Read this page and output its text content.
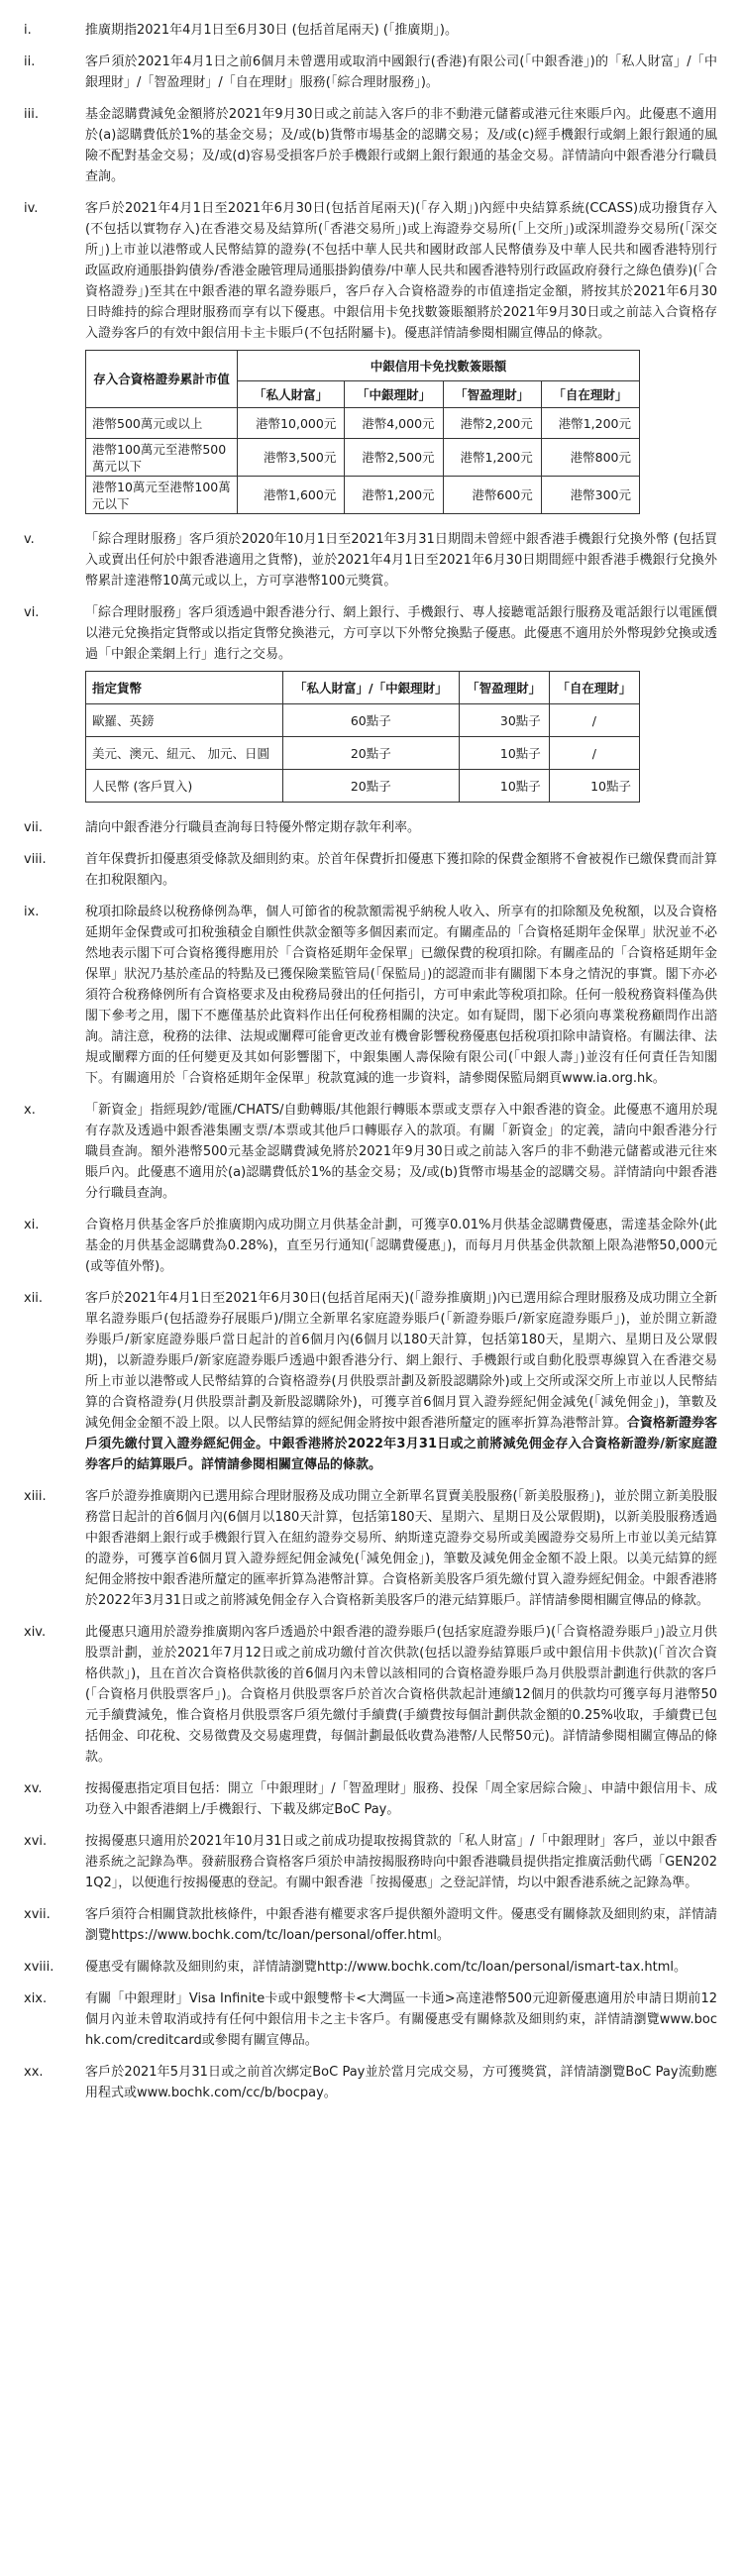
i.	推廣期指2021年4月1日至6月30日 (包括首尾兩天) (「推廣期」)。
ii.	客戶須於2021年4月1日之前6個月未曾選用或取消中國銀行(香港)有限公司(「中銀香港」)的「私人財富」/「中銀理財」/「智盈理財」/「自在理財」服務(「綜合理財服務」)。
iii.	基金認購費減免金額將於2021年9月30日或之前誌入客戶的非不動港元儲蓄或港元往來賬戶內。此優惠不適用於(a)認購費低於1%的基金交易；及/或(b)貨幣市場基金的認購交易；及/或(c)經手機銀行或網上銀行銀通的風險不配對基金交易；及/或(d)容易受損客戶於手機銀行或網上銀行銀通的基金交易。詳情請向中銀香港分行職員查詢。
iv.	客戶於2021年4月1日至2021年6月30日(包括首尾兩天)(「存入期」)內經中央結算系統(CCASS)成功撥貨存入(不包括以實物存入)在香港交易及結算所(「香港交易所」)或上海證券交易所(「上交所」)或深圳證券交易所(「深交所」)上市並以港幣或人民幣結算的證券(不包括中華人民共和國財政部人民幣債券及中華人民共和國香港特別行政區政府通脹掛鈎債券/香港金融管理局通脹掛鈎債券/中華人民共和國香港特別行政區政府發行之綠色債券)(「合資格證券」)至其在中銀香港的單名證券賬戶，客戶存入合資格證券的市值達指定金額，將按其於2021年6月30日時維持的綜合理財服務而享有以下優惠。中銀信用卡免找數簽賬額將於2021年9月30日或之前誌入合資格存入證券客戶的有效中銀信用卡主卡賬戶(不包括附屬卡)。優惠詳情請參閱相關宣傳品的條款。
存入合資格證券累計市值	中銀信用卡免找數簽賬額			
	「私人財富」	「中銀理財」	「智盈理財」	「自在理財」
港幣500萬元或以上	港幣10,000元	港幣4,000元	港幣2,200元	港幣1,200元
港幣100萬元至港幣500萬元以下	港幣3,500元	港幣2,500元	港幣1,200元	港幣800元
港幣10萬元至港幣100萬元以下	港幣1,600元	港幣1,200元	港幣600元	港幣300元
v.	「綜合理財服務」客戶須於2020年10月1日至2021年3月31日期間未曾經中銀香港手機銀行兌換外幣 (包括買入或賣出任何於中銀香港適用之貨幣)，並於2021年4月1日至2021年6月30日期間經中銀香港手機銀行兌換外幣累計達港幣10萬元或以上，方可享港幣100元獎賞。
vi.	「綜合理財服務」客戶須透過中銀香港分行、網上銀行、手機銀行、專人接聽電話銀行服務及電話銀行以電匯價以港元兌換指定貨幣或以指定貨幣兌換港元，方可享以下外幣兌換點子優惠。此優惠不適用於外幣現鈔兌換或透過「中銀企業網上行」進行之交易。
指定貨幣	「私人財富」/「中銀理財」	「智盈理財」	「自在理財」
歐羅、英鎊	60點子	30點子	/
美元、澳元、紐元、 加元、日圓	20點子	10點子	/
人民幣 (客戶買入)	20點子	10點子	10點子
vii.	請向中銀香港分行職員查詢每日特優外幣定期存款年利率。
viii.	首年保費折扣優惠須受條款及細則約束。於首年保費折扣優惠下獲扣除的保費金額將不會被視作已繳保費而計算在扣稅限額內。
ix.	稅項扣除最終以稅務條例為準，個人可節省的稅款額需視乎納稅人收入、所享有的扣除額及免稅額，以及合資格延期年金保費或可扣稅強積金自願性供款金額等多個因素而定。有關產品的「合資格延期年金保單」狀況並不必然地表示閣下可合資格獲得應用於「合資格延期年金保單」已繳保費的稅項扣除。有關產品的「合資格延期年金保單」狀況乃基於產品的特點及已獲保險業監管局(「保監局」)的認證而非有關閣下本身之情況的事實。閣下亦必須符合稅務條例所有合資格要求及由稅務局發出的任何指引，方可申索此等稅項扣除。任何一般稅務資料僅為供閣下參考之用，閣下不應僅基於此資料作出任何稅務相關的決定。如有疑問，閣下必須向專業稅務顧問作出諮詢。請注意，稅務的法律、法規或闡釋可能會更改並有機會影響稅務優惠包括稅項扣除申請資格。有關法律、法規或闡釋方面的任何變更及其如何影響閣下，中銀集團人壽保險有限公司(「中銀人壽」)並沒有任何責任告知閣下。有關適用於「合資格延期年金保單」稅款寬減的進一步資料，請參閱保監局網頁www.ia.org.hk。
x.	「新資金」指經現鈔/電匯/CHATS/自動轉賬/其他銀行轉賬本票或支票存入中銀香港的資金。此優惠不適用於現有存款及透過中銀香港集團支票/本票或其他戶口轉賬存入的款項。有關「新資金」的定義，請向中銀香港分行職員查詢。額外港幣500元基金認購費減免將於2021年9月30日或之前誌入客戶的非不動港元儲蓄或港元往來賬戶內。此優惠不適用於(a)認購費低於1%的基金交易；及/或(b)貨幣市場基金的認購交易。詳情請向中銀香港分行職員查詢。
xi.	合資格月供基金客戶於推廣期內成功開立月供基金計劃，可獲享0.01%月供基金認購費優惠，需達基金除外(此基金的月供基金認購費為0.28%)，直至另行通知(「認購費優惠」)，而每月月供基金供款額上限為港幣50,000元(或等值外幣)。
xii.	客戶於2021年4月1日至2021年6月30日(包括首尾兩天)(「證券推廣期」)內已選用綜合理財服務及成功開立全新單名證券賬戶(包括證券孖展賬戶)/開立全新單名家庭證券賬戶(「新證券賬戶/新家庭證券賬戶」)，並於開立新證券賬戶/新家庭證券賬戶當日起計的首6個月內(6個月以180天計算，包括第180天，星期六、星期日及公眾假期)，以新證券賬戶/新家庭證券賬戶透過中銀香港分行、網上銀行、手機銀行或自動化股票專線買入在香港交易所上市並以港幣或人民幣結算的合資格證券(月供股票計劃及新股認購除外)或上交所或深交所上市並以人民幣結算的合資格證券(月供股票計劃及新股認購除外)，可獲享首6個月買入證券經紀佣金減免(「減免佣金」)，筆數及減免佣金金額不設上限。以人民幣結算的經紀佣金將按中銀香港所釐定的匯率折算為港幣計算。合資格新證券客戶須先繳付買入證券經紀佣金。中銀香港將於2022年3月31日或之前將減免佣金存入合資格新證券/新家庭證券客戶的結算賬戶。詳情請參閱相關宣傳品的條款。
xiii.	客戶於證券推廣期內已選用綜合理財服務及成功開立全新單名買賣美股服務(「新美股服務」)，並於開立新美股服務當日起計的首6個月內(6個月以180天計算，包括第180天、星期六、星期日及公眾假期)，以新美股服務透過中銀香港網上銀行或手機銀行買入在紐約證券交易所、納斯達克證券交易所或美國證券交易所上市並以美元結算的證券，可獲享首6個月買入證券經紀佣金減免(「減免佣金」)，筆數及減免佣金金額不設上限。以美元結算的經紀佣金將按中銀香港所釐定的匯率折算為港幣計算。合資格新美股客戶須先繳付買入證券經紀佣金。中銀香港將於2022年3月31日或之前將減免佣金存入合資格新美股客戶的港元結算賬戶。詳情請參閱相關宣傳品的條款。
xiv.	此優惠只適用於證券推廣期內客戶透過於中銀香港的證券賬戶(包括家庭證券賬戶)(「合資格證券賬戶」)設立月供股票計劃，並於2021年7月12日或之前成功繳付首次供款(包括以證券結算賬戶或中銀信用卡供款)(「首次合資格供款」)，且在首次合資格供款後的首6個月內未曾以該相同的合資格證券賬戶為月供股票計劃進行供款的客戶(「合資格月供股票客戶」)。合資格月供股票客戶於首次合資格供款起計連續12個月的供款均可獲享每月港幣50元手續費減免，惟合資格月供股票客戶須先繳付手續費(手續費按每個計劃供款金額的0.25%收取，手續費已包括佣金、印花稅、交易徵費及交易處理費，每個計劃最低收費為港幣/人民幣50元)。詳情請參閱相關宣傳品的條款。
xv.	按揭優惠指定項目包括：開立「中銀理財」/「智盈理財」服務、投保「周全家居綜合險」、申請中銀信用卡、成功登入中銀香港網上/手機銀行、下載及綁定BoC Pay。
xvi.	按揭優惠只適用於2021年10月31日或之前成功提取按揭貸款的「私人財富」/「中銀理財」客戶，並以中銀香港系統之記錄為準。發薪服務合資格客戶須於申請按揭服務時向中銀香港職員提供指定推廣活動代碼「GEN2021Q2」，以便進行按揭優惠的登記。有關中銀香港「按揭優惠」之登記詳情，均以中銀香港系統之記錄為準。
xvii.	客戶須符合相關貸款批核條件，中銀香港有權要求客戶提供額外證明文件。優惠受有關條款及細則約束，詳情請瀏覽https://www.bochk.com/tc/loan/personal/offer.html。
xviii.	優惠受有關條款及細則約束，詳情請瀏覽http://www.bochk.com/tc/loan/personal/ismart-tax.html。
xix.	有關「中銀理財」Visa Infinite卡或中銀雙幣卡<大灣區一卡通>高達港幣500元迎新優惠適用於申請日期前12個月內並未曾取消或持有任何中銀信用卡之主卡客戶。有關優惠受有關條款及細則約束，詳情請瀏覽www.bochk.com/creditcard或參閱有關宣傳品。
xx.	客戶於2021年5月31日或之前首次綁定BoC Pay並於當月完成交易，方可獲獎賞，詳情請瀏覽BoC Pay流動應用程式或www.bochk.com/cc/b/bocpay。
